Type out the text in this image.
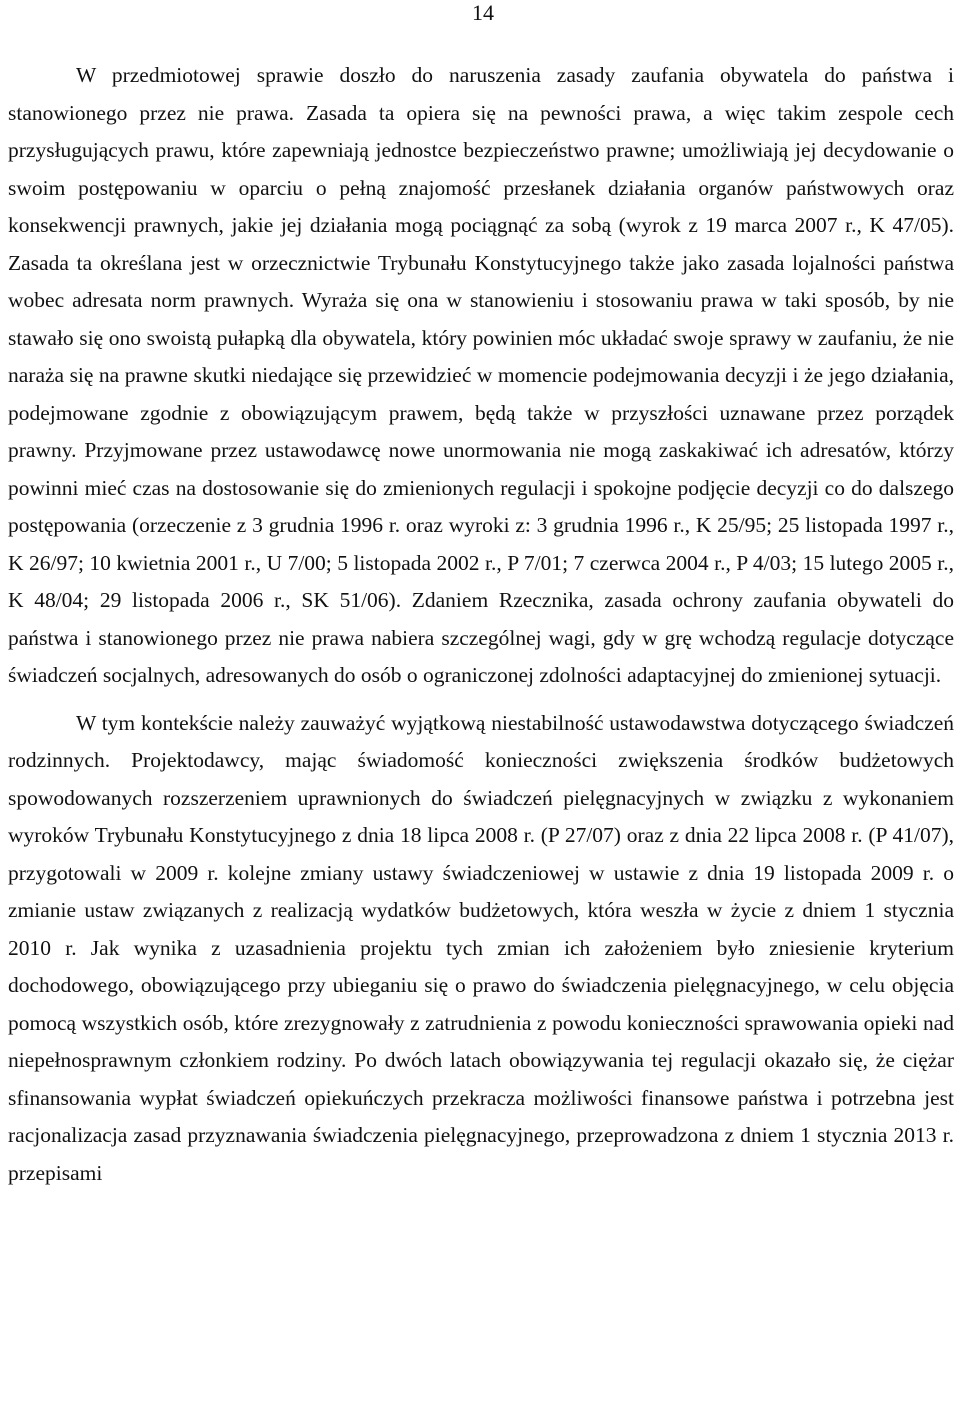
14

W przedmiotowej sprawie doszło do naruszenia zasady zaufania obywatela do państwa i stanowionego przez nie prawa. Zasada ta opiera się na pewności prawa, a więc takim zespole cech przysługujących prawu, które zapewniają jednostce bezpieczeństwo prawne; umożliwiają jej decydowanie o swoim postępowaniu w oparciu o pełną znajomość przesłanek działania organów państwowych oraz konsekwencji prawnych, jakie jej działania mogą pociągnąć za sobą (wyrok z 19 marca 2007 r., K 47/05). Zasada ta określana jest w orzecznictwie Trybunału Konstytucyjnego także jako zasada lojalności państwa wobec adresata norm prawnych. Wyraża się ona w stanowieniu i stosowaniu prawa w taki sposób, by nie stawało się ono swoistą pułapką dla obywatela, który powinien móc układać swoje sprawy w zaufaniu, że nie naraża się na prawne skutki niedające się przewidzieć w momencie podejmowania decyzji i że jego działania, podejmowane zgodnie z obowiązującym prawem, będą także w przyszłości uznawane przez porządek prawny. Przyjmowane przez ustawodawcę nowe unormowania nie mogą zaskakiwać ich adresatów, którzy powinni mieć czas na dostosowanie się do zmienionych regulacji i spokojne podjęcie decyzji co do dalszego postępowania (orzeczenie z 3 grudnia 1996 r. oraz wyroki z: 3 grudnia 1996 r., K 25/95; 25 listopada 1997 r., K 26/97; 10 kwietnia 2001 r., U 7/00; 5 listopada 2002 r., P 7/01; 7 czerwca 2004 r., P 4/03; 15 lutego 2005 r., K 48/04; 29 listopada 2006 r., SK 51/06). Zdaniem Rzecznika, zasada ochrony zaufania obywateli do państwa i stanowionego przez nie prawa nabiera szczególnej wagi, gdy w grę wchodzą regulacje dotyczące świadczeń socjalnych, adresowanych do osób o ograniczonej zdolności adaptacyjnej do zmienionej sytuacji.

W tym kontekście należy zauważyć wyjątkową niestabilność ustawodawstwa dotyczącego świadczeń rodzinnych. Projektodawcy, mając świadomość konieczności zwiększenia środków budżetowych spowodowanych rozszerzeniem uprawnionych do świadczeń pielęgnacyjnych w związku z wykonaniem wyroków Trybunału Konstytucyjnego z dnia 18 lipca 2008 r. (P 27/07) oraz z dnia 22 lipca 2008 r. (P 41/07), przygotowali w 2009 r. kolejne zmiany ustawy świadczeniowej w ustawie z dnia 19 listopada 2009 r. o zmianie ustaw związanych z realizacją wydatków budżetowych, która weszła w życie z dniem 1 stycznia 2010 r. Jak wynika z uzasadnienia projektu tych zmian ich założeniem było zniesienie kryterium dochodowego, obowiązującego przy ubieganiu się o prawo do świadczenia pielęgnacyjnego, w celu objęcia pomocą wszystkich osób, które zrezygnowały z zatrudnienia z powodu konieczności sprawowania opieki nad niepełnosprawnym członkiem rodziny. Po dwóch latach obowiązywania tej regulacji okazało się, że ciężar sfinansowania wypłat świadczeń opiekuńczych przekracza możliwości finansowe państwa i potrzebna jest racjonalizacja zasad przyznawania świadczenia pielęgnacyjnego, przeprowadzona z dniem 1 stycznia 2013 r. przepisami
